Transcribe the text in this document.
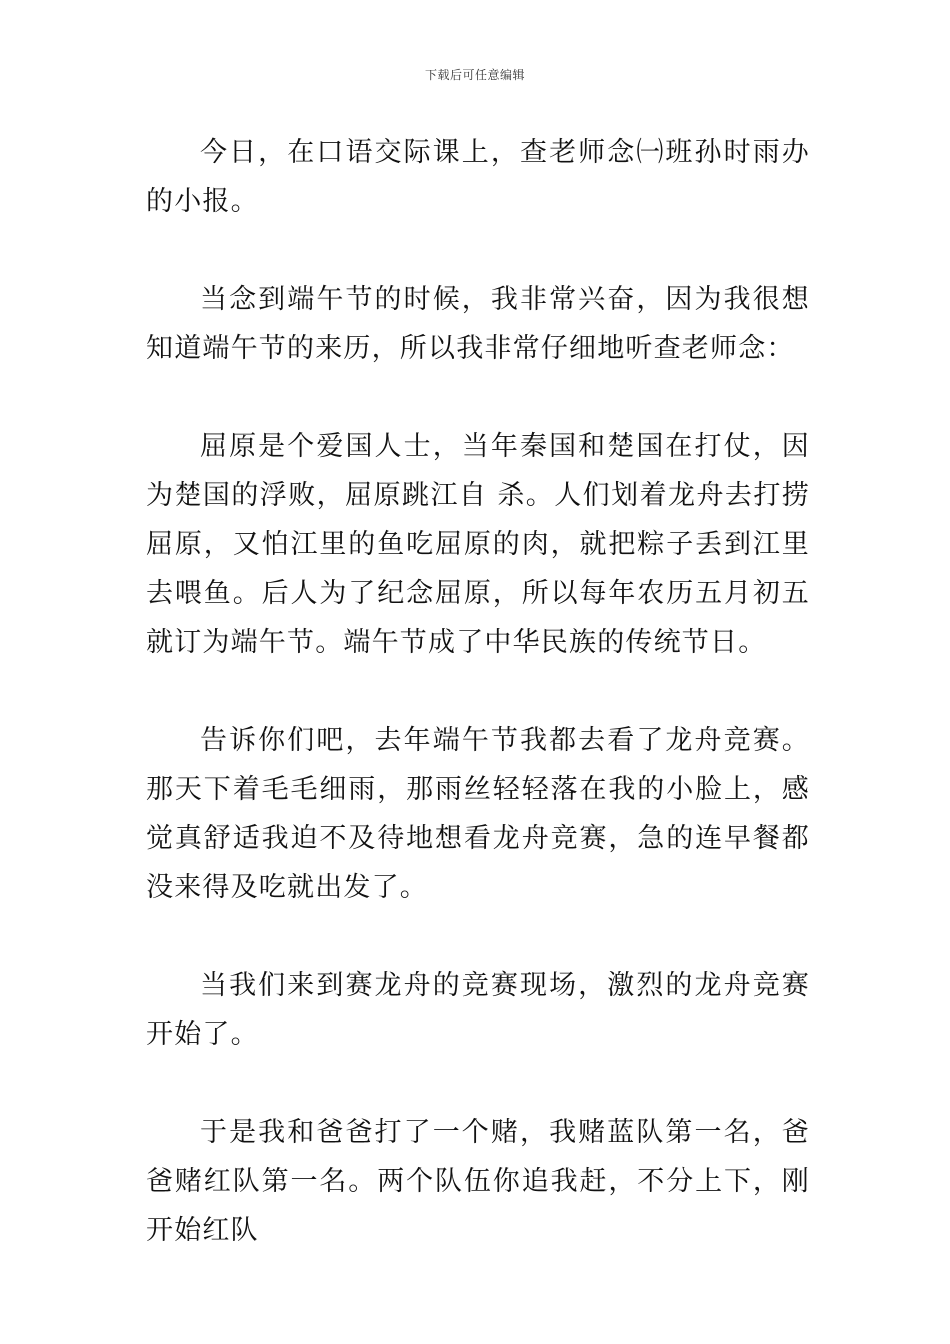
下载后可任意编辑

今日，在口语交际课上，查老师念㈠班孙时雨办的小报。

当念到端午节的时候，我非常兴奋，因为我很想知道端午节的来历，所以我非常仔细地听查老师念：

屈原是个爱国人士，当年秦国和楚国在打仗，因为楚国的浮败，屈原跳江自 杀。人们划着龙舟去打捞屈原，又怕江里的鱼吃屈原的肉，就把粽子丢到江里去喂鱼。后人为了纪念屈原，所以每年农历五月初五就订为端午节。端午节成了中华民族的传统节日。

告诉你们吧，去年端午节我都去看了龙舟竞赛。那天下着毛毛细雨，那雨丝轻轻落在我的小脸上，感觉真舒适我迫不及待地想看龙舟竞赛，急的连早餐都没来得及吃就出发了。

当我们来到赛龙舟的竞赛现场，激烈的龙舟竞赛开始了。

于是我和爸爸打了一个赌，我赌蓝队第一名，爸爸赌红队第一名。两个队伍你追我赶，不分上下，刚开始红队
